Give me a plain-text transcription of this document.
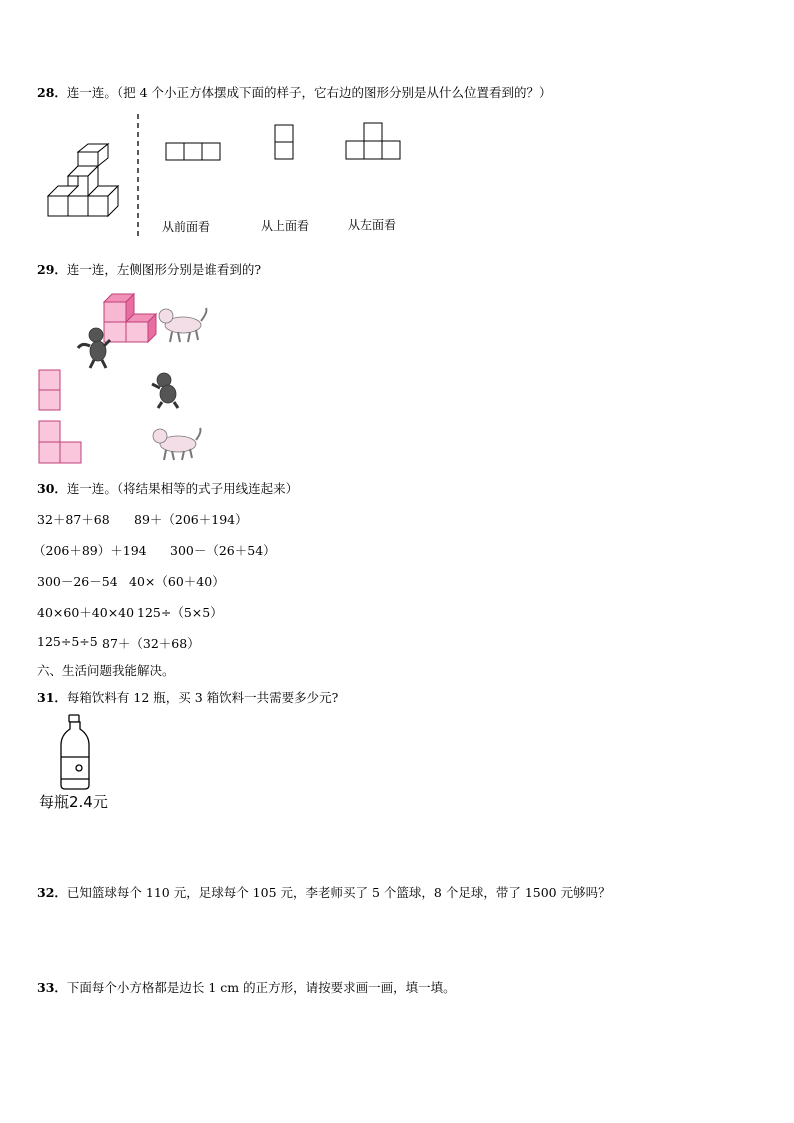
28．连一连。（把 4 个小正方体摆成下面的样子，它右边的图形分别是从什么位置看到的？）
从前面看	从上面看	从左面看
29．连一连，左侧图形分别是谁看到的?
30．连一连。（将结果相等的式子用线连起来）
32＋87＋68 89＋（206＋194）
（206＋89）＋194 300－（26＋54）
300－26－54 40×（60＋40）
40×60＋40×40 125÷（5×5）
125÷5÷5 87＋（32＋68）
六、生活问题我能解决。
31．每箱饮料有 12 瓶，买 3 箱饮料一共需要多少元?
每瓶2.4元
32．已知篮球每个 110 元，足球每个 105 元，李老师买了 5 个篮球，8 个足球，带了 1500 元够吗？
33．下面每个小方格都是边长 1 cm 的正方形，请按要求画一画，填一填。
